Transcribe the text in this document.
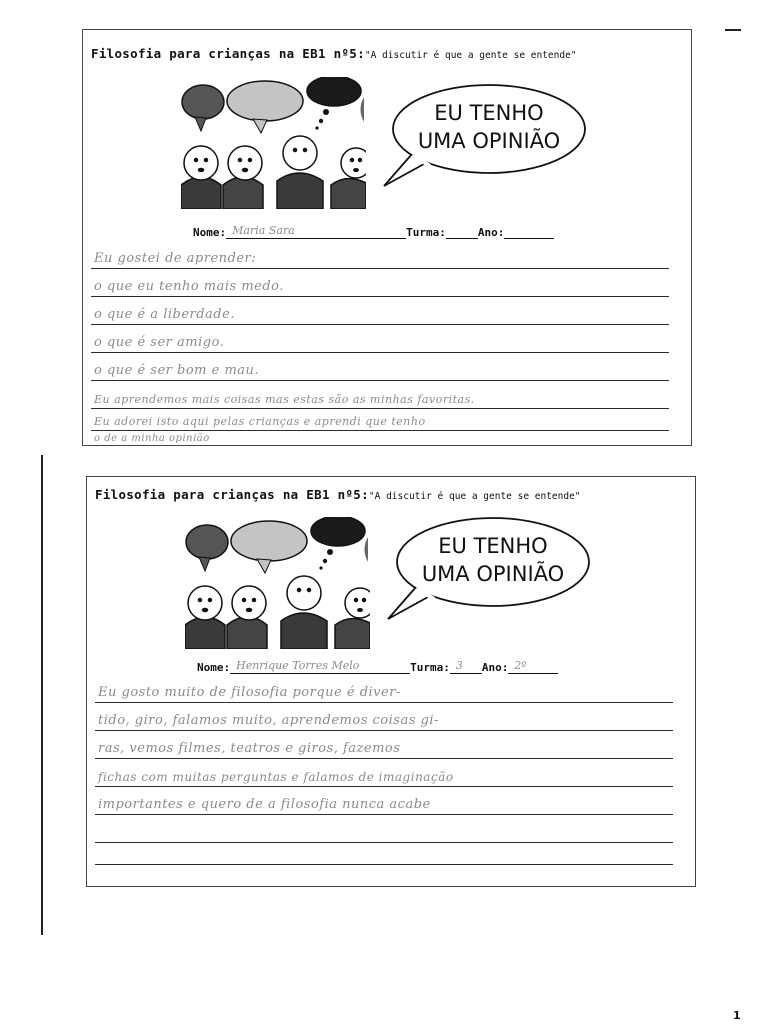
Filosofia para crianças na EB1 nº5:"A discutir é que a gente se entende"
EU TENHO
UMA OPINIÃO
Nome: Maria Sara	Turma:	Ano:
Eu gostei de aprender:
o que eu tenho mais medo.
o que é a liberdade.
o que é ser amigo.
o que é ser bom e mau.
Eu aprendemos mais coisas mas estas são as minhas favoritas.
Eu adorei isto aqui pelas crianças e aprendi que tenho
o de a minha opinião
Filosofia para crianças na EB1 nº5:"A discutir é que a gente se entende"
EU TENHO
UMA OPINIÃO
Nome: Henrique Torres Melo	Turma: 3 Ano: 2º
Eu gosto muito de filosofia porque é diver-
tido, giro, falamos muito, aprendemos coisas gi-
ras, vemos filmes, teatros e giros, fazemos
fichas com muitas perguntas e falamos de imaginação
importantes e quero de a filosofia nunca acabe
1
